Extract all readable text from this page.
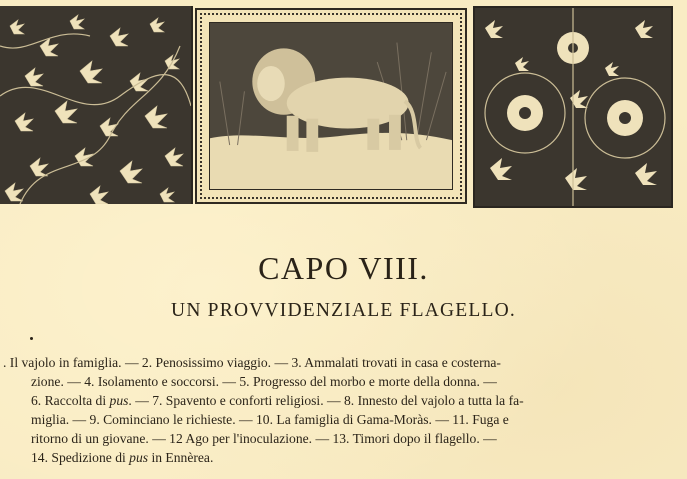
CAPO VIII.
UN PROVVIDENZIALE FLAGELLO.
. Il vajolo in famiglia. — 2. Penosissimo viaggio. — 3. Ammalati trovati in casa e costerna-
zione. — 4. Isolamento e soccorsi. — 5. Progresso del morbo e morte della donna. —
6. Raccolta di pus. — 7. Spavento e conforti religiosi. — 8. Innesto del vajolo a tutta la fa-
miglia. — 9. Cominciano le richieste. — 10. La famiglia di Gama-Moràs. — 11. Fuga e
ritorno di un giovane. — 12 Ago per l'inoculazione. — 13. Timori dopo il flagello. —
14. Spedizione di pus in Ennèrea.
